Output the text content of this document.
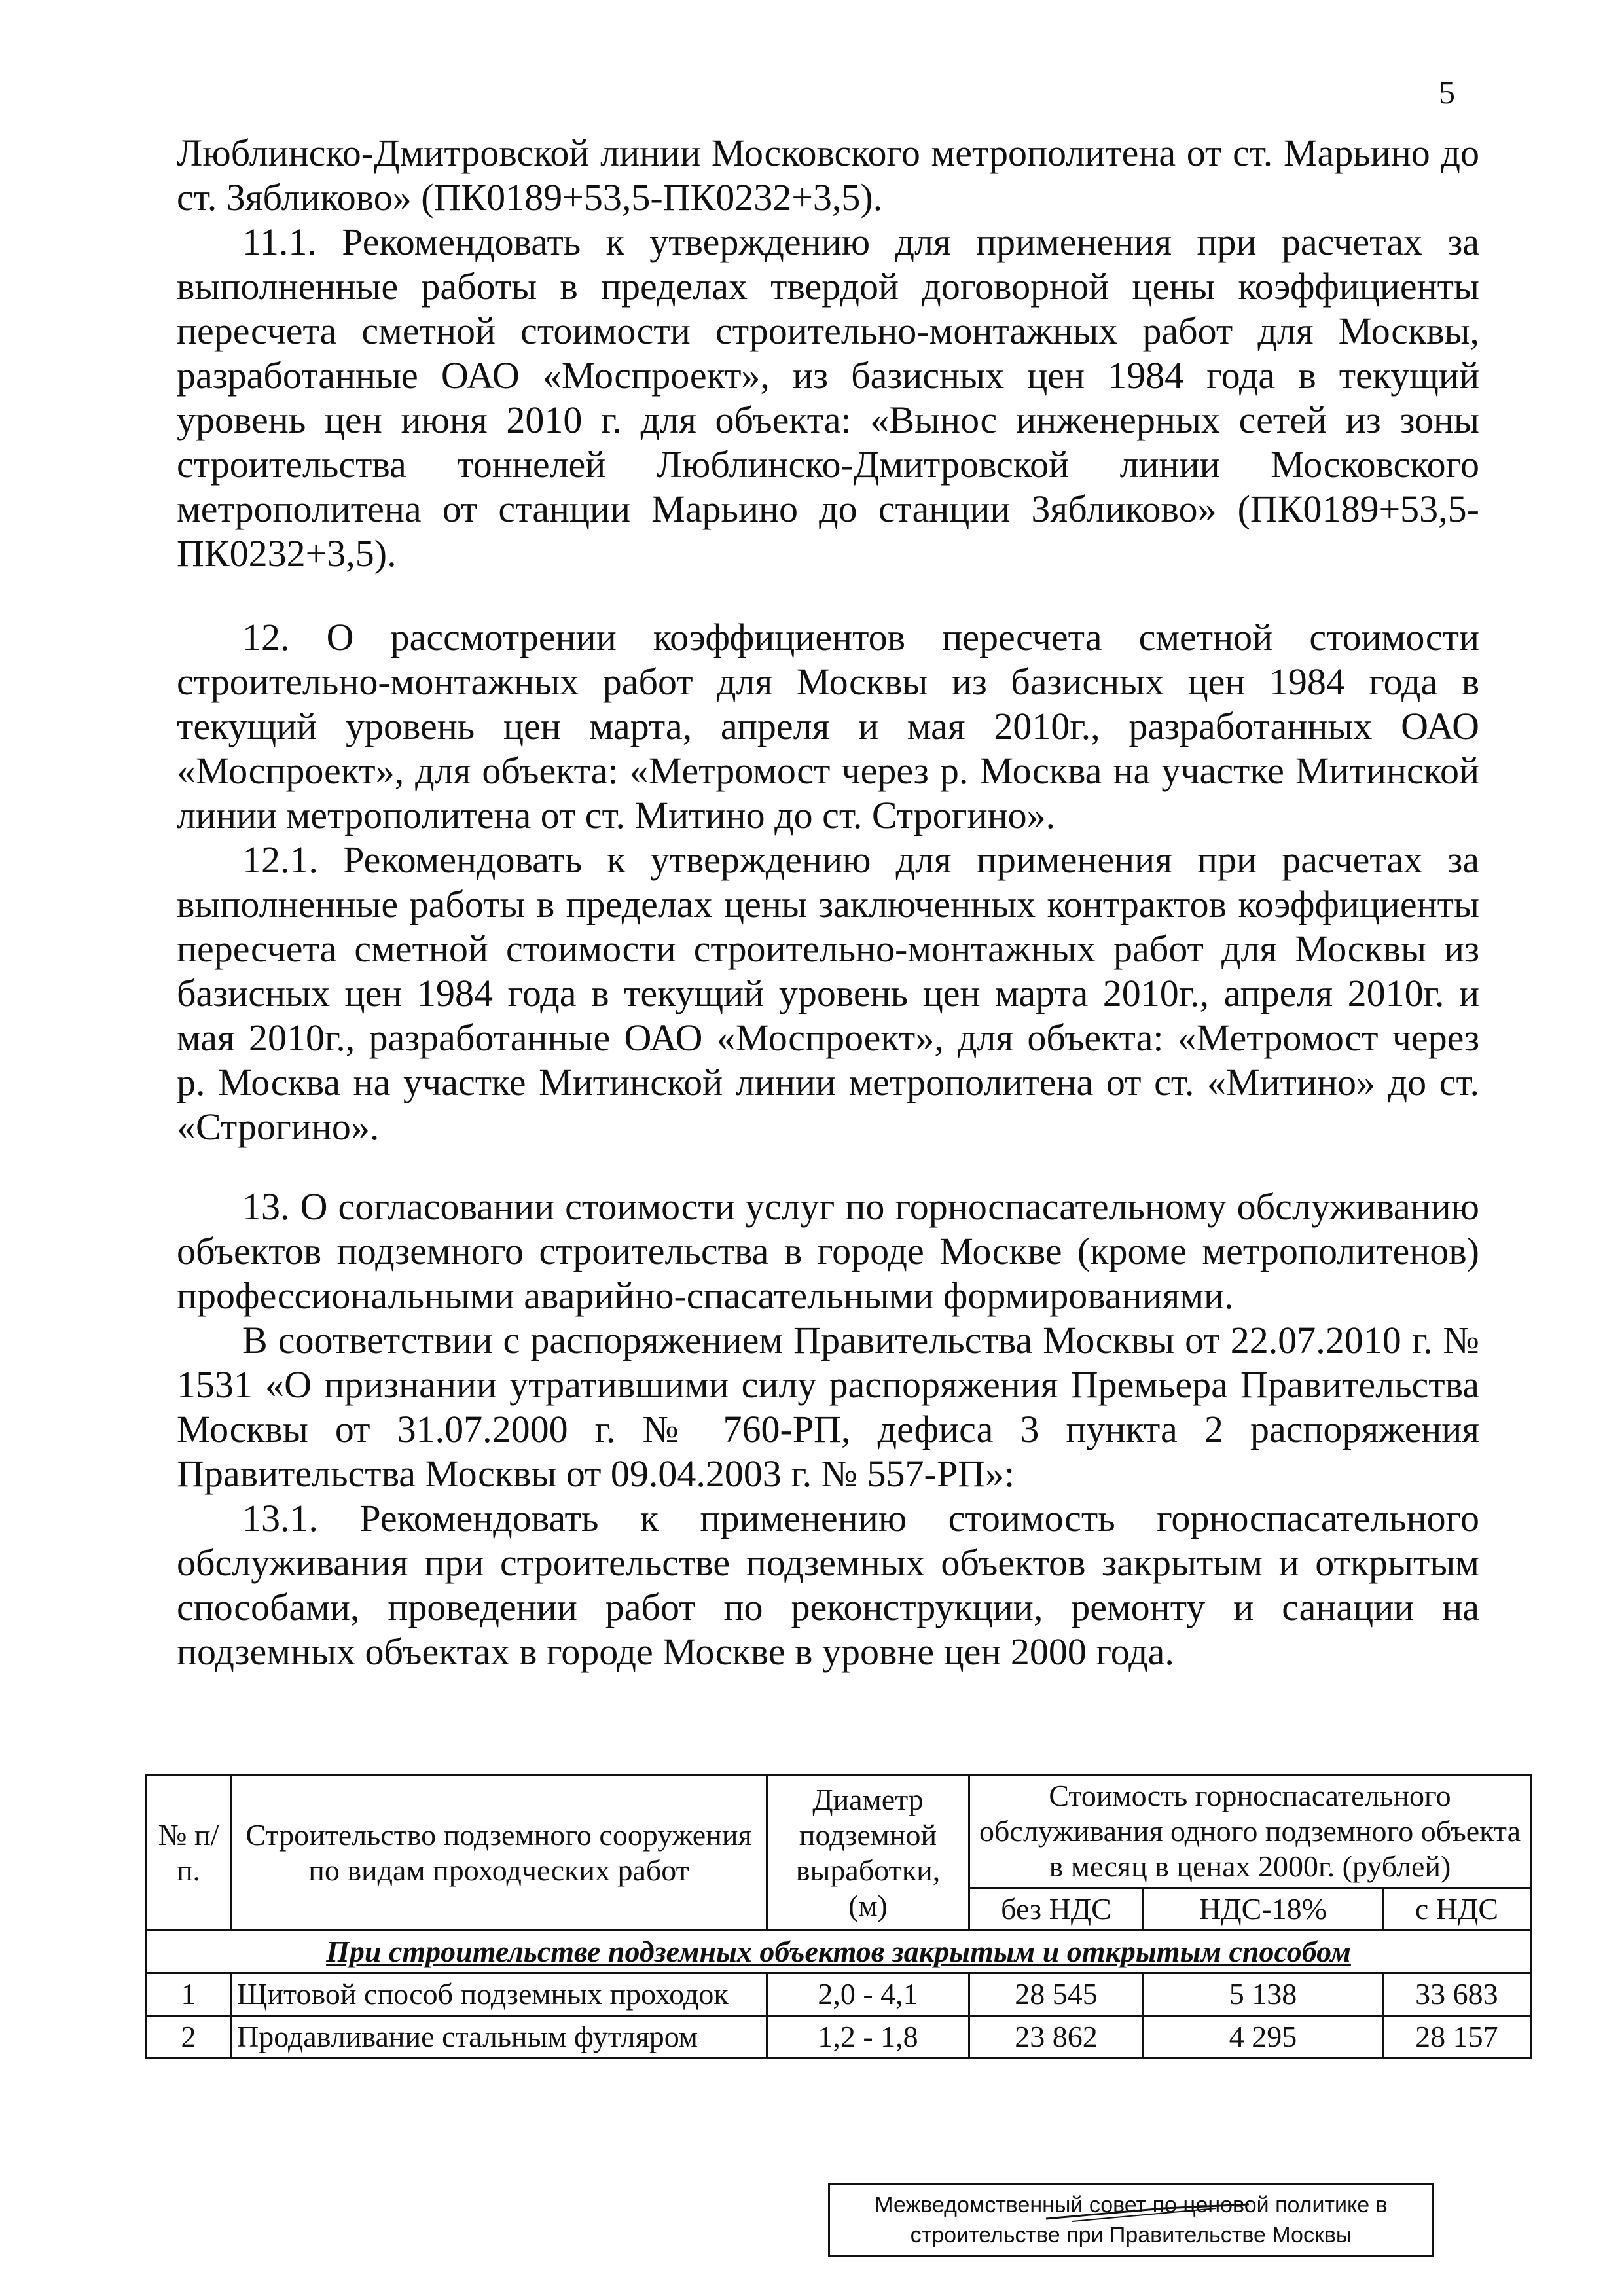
5

Люблинско-Дмитровской линии Московского метрополитена от ст. Марьино до ст. Зябликово» (ПК0189+53,5-ПК0232+3,5).

11.1. Рекомендовать к утверждению для применения при расчетах за выполненные работы в пределах твердой договорной цены коэффициенты пересчета сметной стоимости строительно-монтажных работ для Москвы, разработанные ОАО «Моспроект», из базисных цен 1984 года в текущий уровень цен июня 2010 г. для объекта: «Вынос инженерных сетей из зоны строительства тоннелей Люблинско-Дмитровской линии Московского метрополитена от станции Марьино до станции Зябликово» (ПК0189+53,5-ПК0232+3,5).

12. О рассмотрении коэффициентов пересчета сметной стоимости строительно-монтажных работ для Москвы из базисных цен 1984 года в текущий уровень цен марта, апреля и мая 2010г., разработанных ОАО «Моспроект», для объекта: «Метромост через р. Москва на участке Митинской линии метрополитена от ст. Митино до ст. Строгино».

12.1. Рекомендовать к утверждению для применения при расчетах за выполненные работы в пределах цены заключенных контрактов коэффициенты пересчета сметной стоимости строительно-монтажных работ для Москвы из базисных цен 1984 года в текущий уровень цен марта 2010г., апреля 2010г. и мая 2010г., разработанные ОАО «Моспроект», для объекта: «Метромост через р. Москва на участке Митинской линии метрополитена от ст. «Митино» до ст. «Строгино».

13. О согласовании стоимости услуг по горноспасательному обслуживанию объектов подземного строительства в городе Москве (кроме метрополитенов) профессиональными аварийно-спасательными формированиями.

В соответствии с распоряжением Правительства Москвы от 22.07.2010 г. № 1531 «О признании утратившими силу распоряжения Премьера Правительства Москвы от 31.07.2000 г. № 760-РП, дефиса 3 пункта 2 распоряжения Правительства Москвы от 09.04.2003 г. № 557-РП»:

13.1. Рекомендовать к применению стоимость горноспасательного обслуживания при строительстве подземных объектов закрытым и открытым способами, проведении работ по реконструкции, ремонту и санации на подземных объектах в городе Москве в уровне цен 2000 года.

№ п/п.	Строительство подземного сооружения по видам проходческих работ	Диаметр подземной выработки, (м)	Стоимость горноспасательного обслуживания одного подземного объекта в месяц в ценах 2000г. (рублей)		
			без НДС	НДС-18%	с НДС
При строительстве подземных объектов закрытым и открытым способом					
1	Щитовой способ подземных проходок	2,0 - 4,1	28 545	5 138	33 683
2	Продавливание стальным футляром	1,2 - 1,8	23 862	4 295	28 157
Межведомственный совет по ценовой политике в
строительстве при Правительстве Москвы
